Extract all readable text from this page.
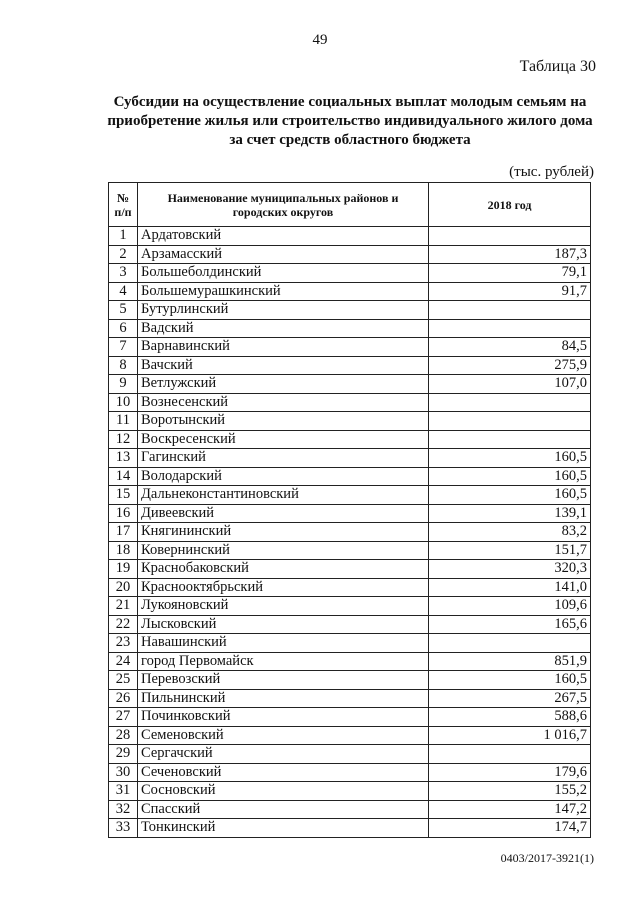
49
Таблица 30
Субсидии на осуществление социальных выплат молодым семьям на приобретение жилья или строительство индивидуального жилого дома за счет средств областного бюджета
(тыс. рублей)
№ п/п	Наименование муниципальных районов и городских округов	2018 год
1	Ардатовский	
2	Арзамасский	187,3
3	Большеболдинский	79,1
4	Большемурашкинский	91,7
5	Бутурлинский	
6	Вадский	
7	Варнавинский	84,5
8	Вачский	275,9
9	Ветлужский	107,0
10	Вознесенский	
11	Воротынский	
12	Воскресенский	
13	Гагинский	160,5
14	Володарский	160,5
15	Дальнеконстантиновский	160,5
16	Дивеевский	139,1
17	Княгининский	83,2
18	Ковернинский	151,7
19	Краснобаковский	320,3
20	Краснооктябрьский	141,0
21	Лукояновский	109,6
22	Лысковский	165,6
23	Навашинский	
24	город Первомайск	851,9
25	Перевозский	160,5
26	Пильнинский	267,5
27	Починковский	588,6
28	Семеновский	1 016,7
29	Сергачский	
30	Сеченовский	179,6
31	Сосновский	155,2
32	Спасский	147,2
33	Тонкинский	174,7
0403/2017-3921(1)
